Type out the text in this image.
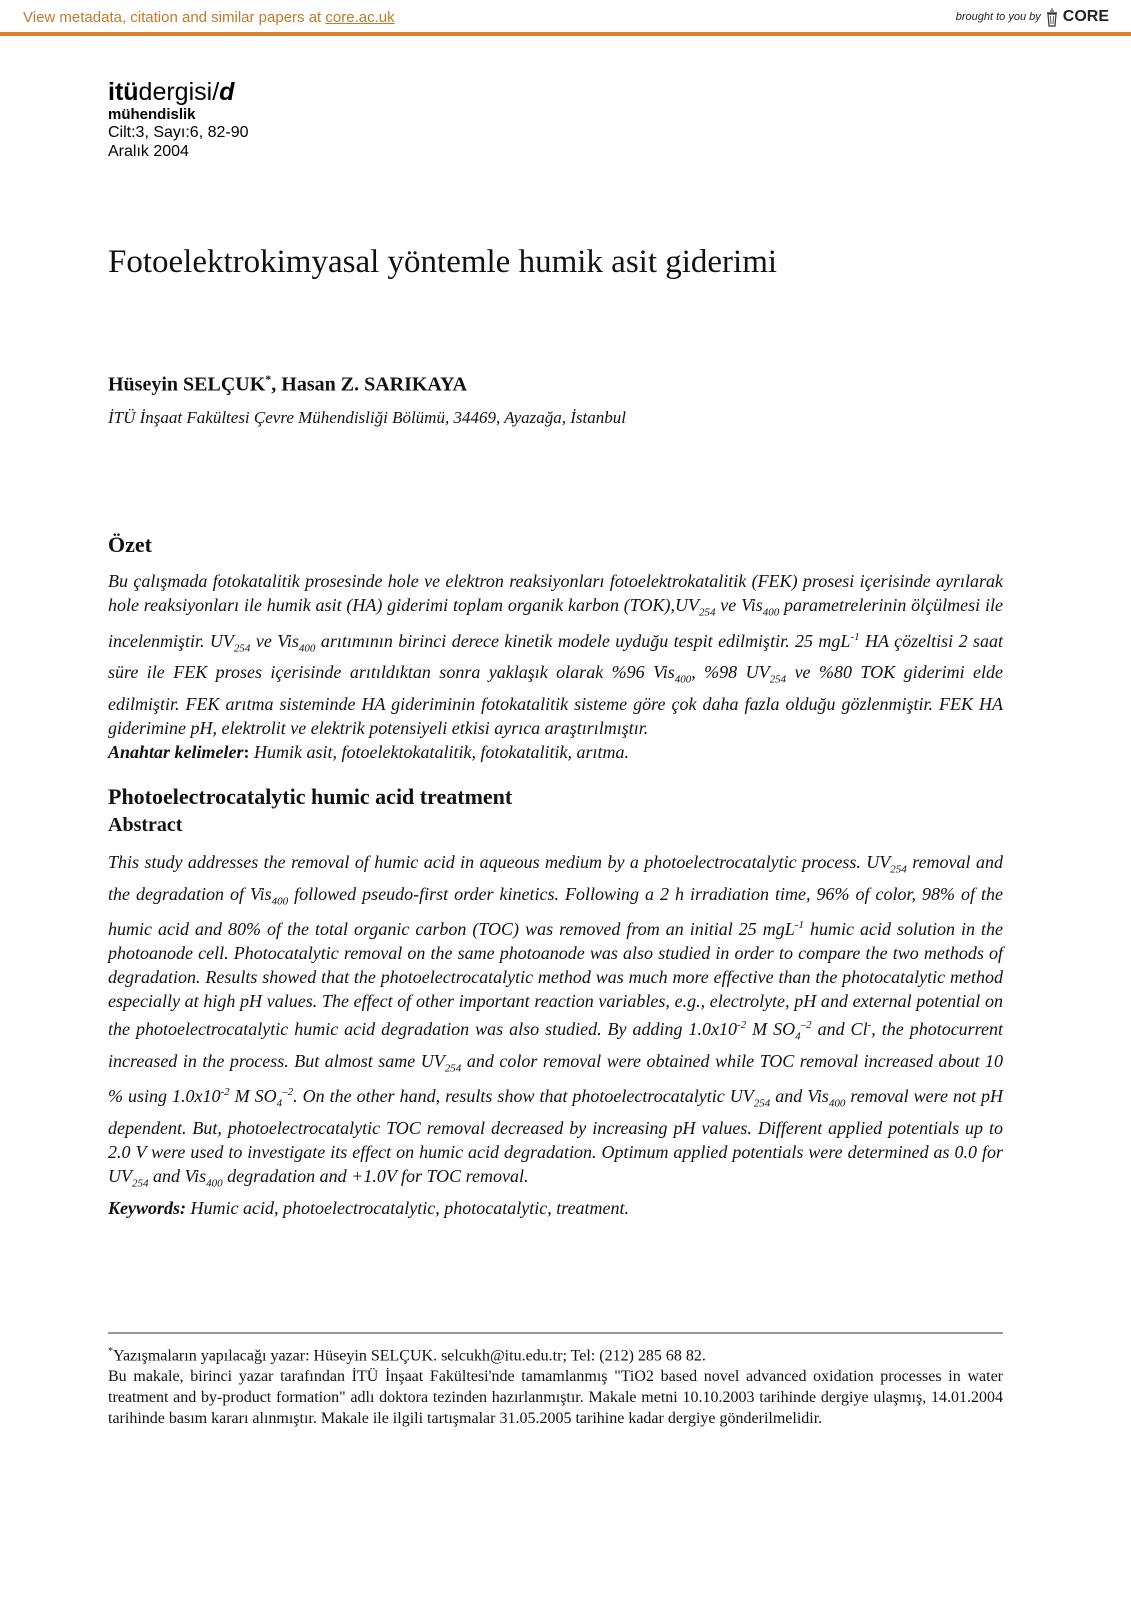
View metadata, citation and similar papers at core.ac.uk	brought to you by CORE
itüdergisi/d
mühendislik
Cilt:3, Sayı:6, 82-90
Aralık 2004
Fotoelektrokimyasal yöntemle humik asit giderimi
Hüseyin SELÇUK*, Hasan Z. SARIKAYA
İTÜ İnşaat Fakültesi Çevre Mühendisliği Bölümü, 34469, Ayazağa, İstanbul
Özet
Bu çalışmada fotokatalitik prosesinde hole ve elektron reaksiyonları fotoelektrokatalitik (FEK) prosesi içerisinde ayrılarak hole reaksiyonları ile humik asit (HA) giderimi toplam organik karbon $(TOK),UV_{254}$ ve Vis$_{400}$ parametrelerinin ölçülmesi ile incelenmiştir. $UV_{254}$ ve Vis$_{400}$ arıtımının birinci derece kinetik modele uyduğu tespit edilmiştir. 25 mgL$^{-1}$ HA çözeltisi 2 saat süre ile FEK proses içerisinde arıtıldıktan sonra yaklaşık olarak %96 Vis$_{400}$, %98 $UV_{254}$ ve %80 TOK giderimi elde edilmiştir. FEK arıtma sisteminde HA gideriminin fotokatalitik sisteme göre çok daha fazla olduğu gözlenmiştir. FEK HA giderimine pH, elektrolit ve elektrik potensiyeli etkisi ayrıca araştırılmıştır.
Anahtar kelimeler: Humik asit, fotoelektokatalitik, fotokatalitik, arıtma.
Photoelectrocatalytic humic acid treatment
Abstract
This study addresses the removal of humic acid in aqueous medium by a photoelectrocatalytic process. $UV_{254}$ removal and the degradation of Vis$_{400}$ followed pseudo-first order kinetics. Following a 2 h irradiation time, 96% of color, 98% of the humic acid and 80% of the total organic carbon (TOC) was removed from an initial 25 mgL$^{-1}$ humic acid solution in the photoanode cell. Photocatalytic removal on the same photoanode was also studied in order to compare the two methods of degradation. Results showed that the photoelectrocatalytic method was much more effective than the photocatalytic method especially at high pH values. The effect of other important reaction variables, e.g., electrolyte, pH and external potential on the photoelectrocatalytic humic acid degradation was also studied. By adding $1.0x10^{-2}$ M $SO_4^{-2}$ and Cl-, the photocurrent increased in the process. But almost same $UV_{254}$ and color removal were obtained while TOC removal increased about 10 % using $1.0x10^{-2}$ M $SO_4^{-2}$. On the other hand, results show that photoelectrocatalytic $UV_{254}$ and Vis$_{400}$ removal were not pH dependent. But, photoelectrocatalytic TOC removal decreased by increasing pH values. Different applied potentials up to 2.0 V were used to investigate its effect on humic acid degradation. Optimum applied potentials were determined as 0.0 for $UV_{254}$ and Vis$_{400}$ degradation and +1.0V for TOC removal.
Keywords: Humic acid, photoelectrocatalytic, photocatalytic, treatment.
*Yazışmaların yapılacağı yazar: Hüseyin SELÇUK. selcukh@itu.edu.tr; Tel: (212) 285 68 82.
Bu makale, birinci yazar tarafından İTÜ İnşaat Fakültesi'nde tamamlanmış "TiO2 based novel advanced oxidation processes in water treatment and by-product formation" adlı doktora tezinden hazırlanmıştır. Makale metni 10.10.2003 tarihinde dergiye ulaşmış, 14.01.2004 tarihinde basım kararı alınmıştır. Makale ile ilgili tartışmalar 31.05.2005 tarihine kadar dergiye gönderilmelidir.
